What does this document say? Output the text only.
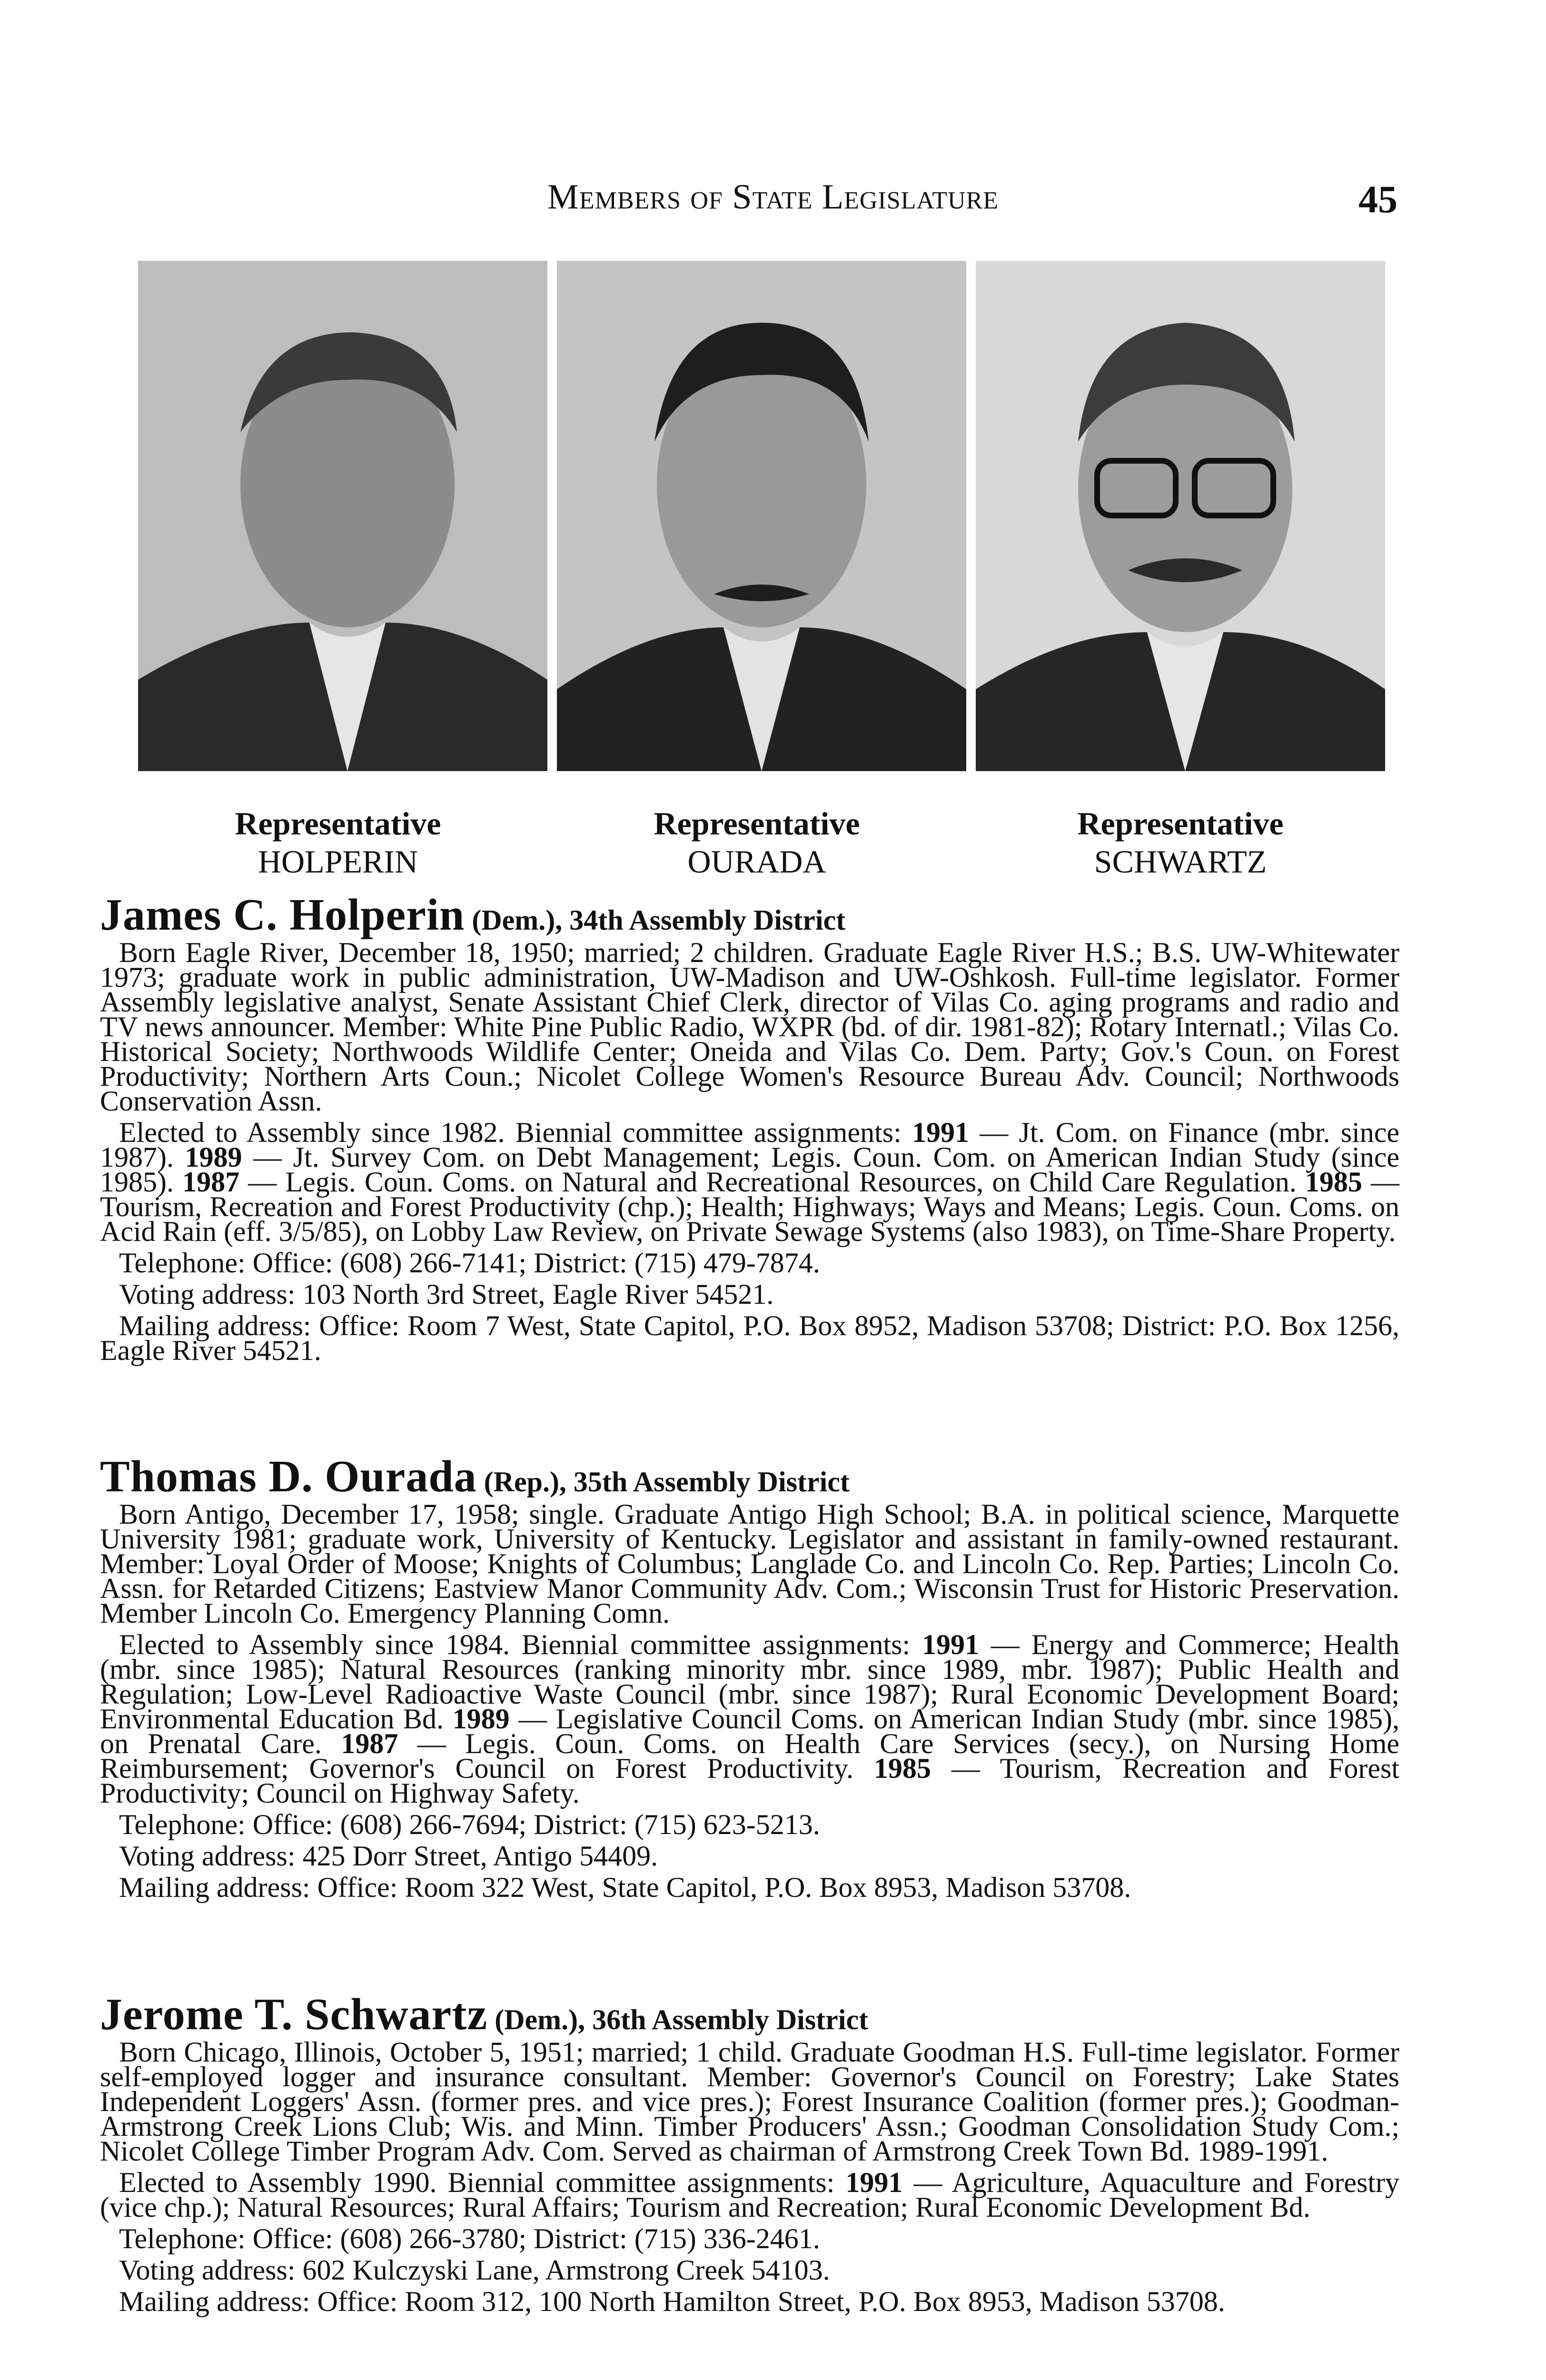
Members of State Legislature	45
Representative
HOLPERIN
Representative
OURADA
Representative
SCHWARTZ
James C. Holperin (Dem.), 34th Assembly District

Born Eagle River, December 18, 1950; married; 2 children. Graduate Eagle River H.S.; B.S. UW-Whitewater 1973; graduate work in public administration, UW-Madison and UW-Oshkosh. Full-time legislator. Former Assembly legislative analyst, Senate Assistant Chief Clerk, director of Vilas Co. aging programs and radio and TV news announcer. Member: White Pine Public Radio, WXPR (bd. of dir. 1981-82); Rotary Internatl.; Vilas Co. Historical Society; Northwoods Wildlife Center; Oneida and Vilas Co. Dem. Party; Gov.'s Coun. on Forest Productivity; Northern Arts Coun.; Nicolet College Women's Resource Bureau Adv. Council; Northwoods Conservation Assn.

Elected to Assembly since 1982. Biennial committee assignments: 1991 — Jt. Com. on Finance (mbr. since 1987). 1989 — Jt. Survey Com. on Debt Management; Legis. Coun. Com. on American Indian Study (since 1985). 1987 — Legis. Coun. Coms. on Natural and Recreational Resources, on Child Care Regulation. 1985 — Tourism, Recreation and Forest Productivity (chp.); Health; Highways; Ways and Means; Legis. Coun. Coms. on Acid Rain (eff. 3/5/85), on Lobby Law Review, on Private Sewage Systems (also 1983), on Time-Share Property.

Telephone: Office: (608) 266-7141; District: (715) 479-7874.

Voting address: 103 North 3rd Street, Eagle River 54521.

Mailing address: Office: Room 7 West, State Capitol, P.O. Box 8952, Madison 53708; District: P.O. Box 1256, Eagle River 54521.

Thomas D. Ourada (Rep.), 35th Assembly District

Born Antigo, December 17, 1958; single. Graduate Antigo High School; B.A. in political science, Marquette University 1981; graduate work, University of Kentucky. Legislator and assistant in family-owned restaurant. Member: Loyal Order of Moose; Knights of Columbus; Langlade Co. and Lincoln Co. Rep. Parties; Lincoln Co. Assn. for Retarded Citizens; Eastview Manor Community Adv. Com.; Wisconsin Trust for Historic Preservation. Member Lincoln Co. Emergency Planning Comn.

Elected to Assembly since 1984. Biennial committee assignments: 1991 — Energy and Commerce; Health (mbr. since 1985); Natural Resources (ranking minority mbr. since 1989, mbr. 1987); Public Health and Regulation; Low-Level Radioactive Waste Council (mbr. since 1987); Rural Economic Development Board; Environmental Education Bd. 1989 — Legislative Council Coms. on American Indian Study (mbr. since 1985), on Prenatal Care. 1987 — Legis. Coun. Coms. on Health Care Services (secy.), on Nursing Home Reimbursement; Governor's Council on Forest Productivity. 1985 — Tourism, Recreation and Forest Productivity; Council on Highway Safety.

Telephone: Office: (608) 266-7694; District: (715) 623-5213.

Voting address: 425 Dorr Street, Antigo 54409.

Mailing address: Office: Room 322 West, State Capitol, P.O. Box 8953, Madison 53708.

Jerome T. Schwartz (Dem.), 36th Assembly District

Born Chicago, Illinois, October 5, 1951; married; 1 child. Graduate Goodman H.S. Full-time legislator. Former self-employed logger and insurance consultant. Member: Governor's Council on Forestry; Lake States Independent Loggers' Assn. (former pres. and vice pres.); Forest Insurance Coalition (former pres.); Goodman-Armstrong Creek Lions Club; Wis. and Minn. Timber Producers' Assn.; Goodman Consolidation Study Com.; Nicolet College Timber Program Adv. Com. Served as chairman of Armstrong Creek Town Bd. 1989-1991.

Elected to Assembly 1990. Biennial committee assignments: 1991 — Agriculture, Aquaculture and Forestry (vice chp.); Natural Resources; Rural Affairs; Tourism and Recreation; Rural Economic Development Bd.

Telephone: Office: (608) 266-3780; District: (715) 336-2461.

Voting address: 602 Kulczyski Lane, Armstrong Creek 54103.

Mailing address: Office: Room 312, 100 North Hamilton Street, P.O. Box 8953, Madison 53708.
